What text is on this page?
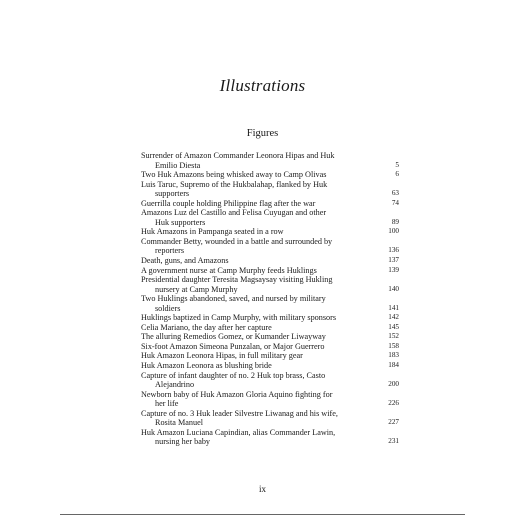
Illustrations
Figures
Surrender of Amazon Commander Leonora Hipas and Huk
Emilio Diesta	5
Two Huk Amazons being whisked away to Camp Olivas	6
Luis Taruc, Supremo of the Hukbalahap, flanked by Huk
supporters	63
Guerrilla couple holding Philippine flag after the war	74
Amazons Luz del Castillo and Felisa Cuyugan and other
Huk supporters	89
Huk Amazons in Pampanga seated in a row	100
Commander Betty, wounded in a battle and surrounded by
reporters	136
Death, guns, and Amazons	137
A government nurse at Camp Murphy feeds Huklings	139
Presidential daughter Teresita Magsaysay visiting Hukling
nursery at Camp Murphy	140
Two Huklings abandoned, saved, and nursed by military
soldiers	141
Huklings baptized in Camp Murphy, with military sponsors	142
Celia Mariano, the day after her capture	145
The alluring Remedios Gomez, or Kumander Liwayway	152
Six-foot Amazon Simeona Punzalan, or Major Guerrero	158
Huk Amazon Leonora Hipas, in full military gear	183
Huk Amazon Leonora as blushing bride	184
Capture of infant daughter of no. 2 Huk top brass, Casto
Alejandrino	200
Newborn baby of Huk Amazon Gloria Aquino fighting for
her life	226
Capture of no. 3 Huk leader Silvestre Liwanag and his wife,
Rosita Manuel	227
Huk Amazon Luciana Capindian, alias Commander Lawin,
nursing her baby	231
ix
